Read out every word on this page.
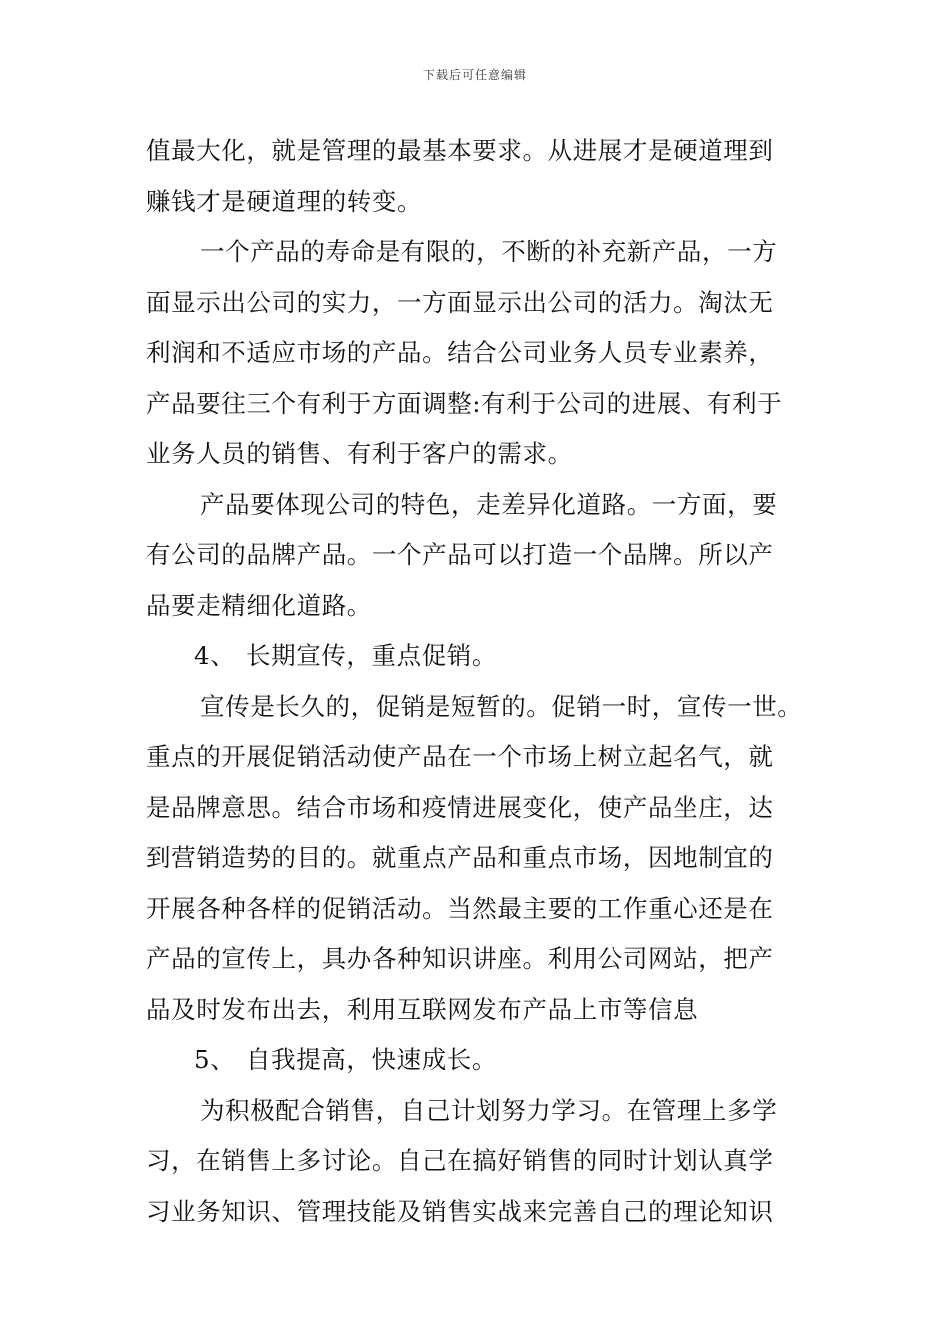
下载后可任意编辑
值最大化，就是管理的最基本要求。从进展才是硬道理到
赚钱才是硬道理的转变。
一个产品的寿命是有限的，不断的补充新产品，一方
面显示出公司的实力，一方面显示出公司的活力。淘汰无
利润和不适应市场的产品。结合公司业务人员专业素养，
产品要往三个有利于方面调整:有利于公司的进展、有利于
业务人员的销售、有利于客户的需求。
产品要体现公司的特色，走差异化道路。一方面，要
有公司的品牌产品。一个产品可以打造一个品牌。所以产
品要走精细化道路。
4、 长期宣传，重点促销。
宣传是长久的，促销是短暂的。促销一时，宣传一世。
重点的开展促销活动使产品在一个市场上树立起名气，就
是品牌意思。结合市场和疫情进展变化，使产品坐庄，达
到营销造势的目的。就重点产品和重点市场，因地制宜的
开展各种各样的促销活动。当然最主要的工作重心还是在
产品的宣传上，具办各种知识讲座。利用公司网站，把产
品及时发布出去，利用互联网发布产品上市等信息
5、 自我提高，快速成长。
为积极配合销售，自己计划努力学习。在管理上多学
习，在销售上多讨论。自己在搞好销售的同时计划认真学
习业务知识、管理技能及销售实战来完善自己的理论知识
